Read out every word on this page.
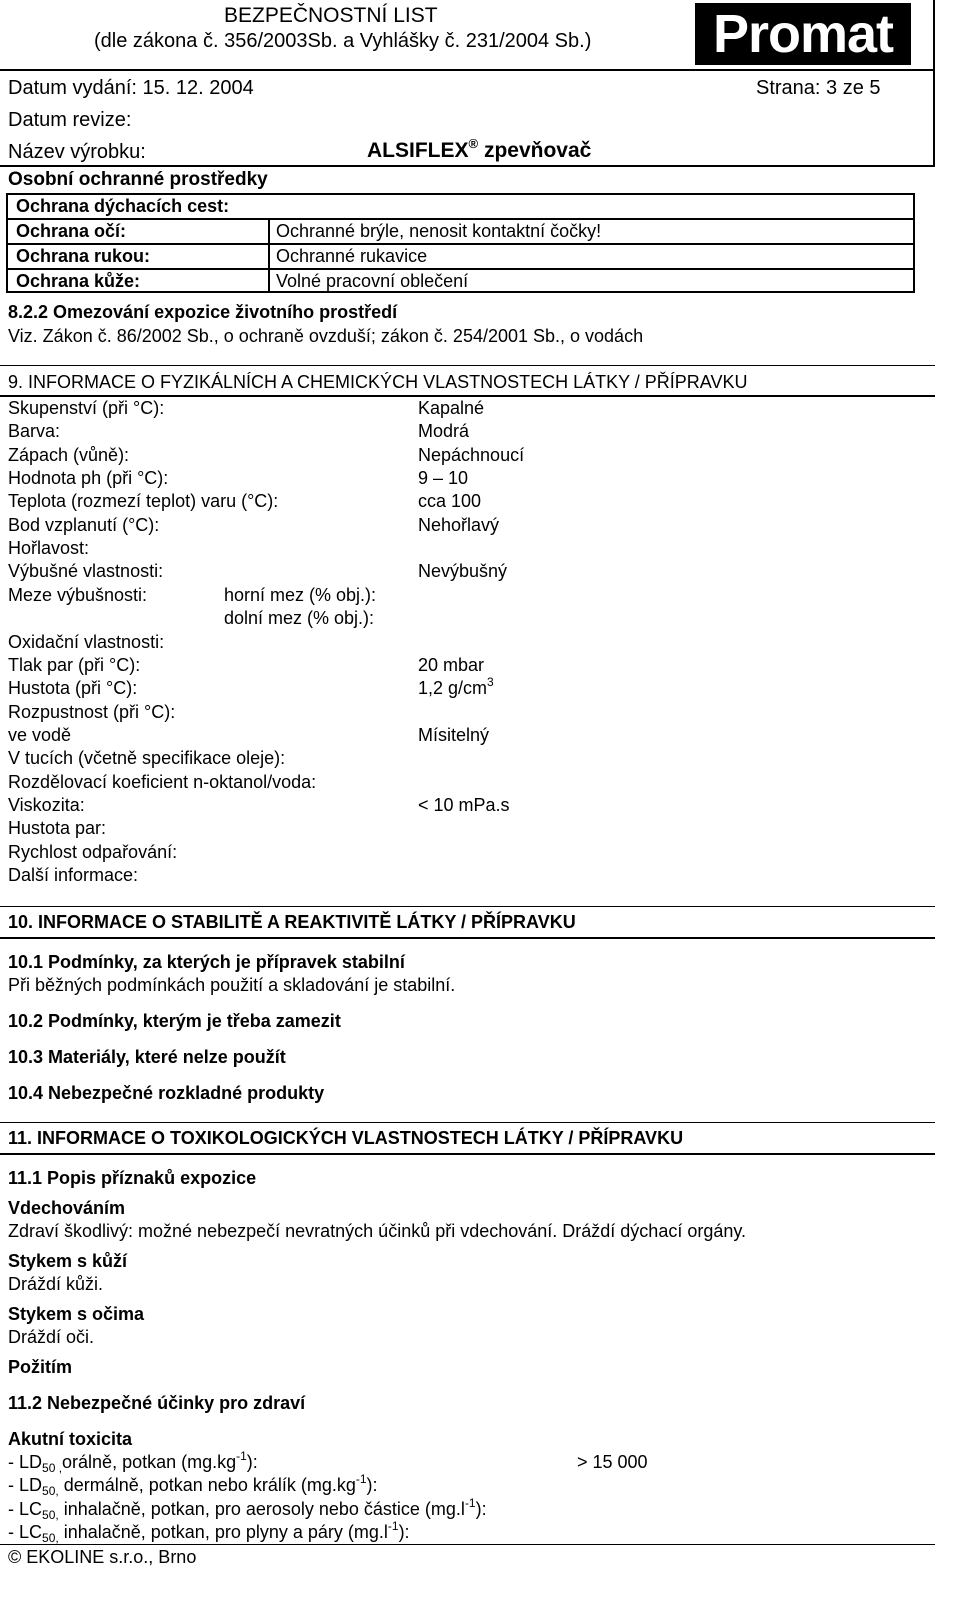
BEZPEČNOSTNÍ LIST
(dle zákona č. 356/2003Sb. a Vyhlášky č. 231/2004 Sb.)	Promat
Datum vydání: 15. 12. 2004	Strana: 3 ze 5
Datum revize:
Název výrobku:	ALSIFLEX® zpevňovač
Osobní ochranné prostředky
Ochrana dýchacích cest:
Ochrana očí:	Ochranné brýle, nenosit kontaktní čočky!
Ochrana rukou:	Ochranné rukavice
Ochrana kůže:	Volné pracovní oblečení
8.2.2 Omezování expozice životního prostředí
Viz. Zákon č. 86/2002 Sb., o ochraně ovzduší; zákon č. 254/2001 Sb., o vodách
9. INFORMACE O FYZIKÁLNÍCH A CHEMICKÝCH VLASTNOSTECH LÁTKY / PŘÍPRAVKU
Skupenství (při °C):	Kapalné
Barva:	Modrá
Zápach (vůně):	Nepáchnoucí
Hodnota ph (při °C):	9 – 10
Teplota (rozmezí teplot) varu (°C):	cca 100
Bod vzplanutí (°C):	Nehořlavý
Hořlavost:
Výbušné vlastnosti:	Nevýbušný
Meze výbušnosti:	horní mez (% obj.):
dolní mez (% obj.):
Oxidační vlastnosti:
Tlak par (při °C):	20 mbar
Hustota (při °C):	1,2 $g/cm^3$
Rozpustnost (při °C):
ve vodě	Mísitelný
V tucích (včetně specifikace oleje):
Rozdělovací koeficient n-oktanol/voda:
Viskozita:	< 10 mPa.s
Hustota par:
Rychlost odpařování:
Další informace:
10. INFORMACE O STABILITĚ A REAKTIVITĚ LÁTKY / PŘÍPRAVKU
10.1 Podmínky, za kterých je přípravek stabilní
Při běžných podmínkách použití a skladování je stabilní.
10.2 Podmínky, kterým je třeba zamezit
10.3 Materiály, které nelze použít
10.4 Nebezpečné rozkladné produkty
11. INFORMACE O TOXIKOLOGICKÝCH VLASTNOSTECH LÁTKY / PŘÍPRAVKU
11.1 Popis příznaků expozice
Vdechováním
Zdraví škodlivý: možné nebezpečí nevratných účinků při vdechování. Dráždí dýchací orgány.
Stykem s kůží
Dráždí kůži.
Stykem s očima
Dráždí oči.
Požitím
11.2 Nebezpečné účinky pro zdraví
Akutní toxicita
- $LD_{50 ,}orá\ln ě$, potkan $(mg.kg^{-1})$:	> 15 000
- $LD_{50,}$ dermálně, potkan nebo králík $(mg.kg^{-1})$:
- $LC_{50,}$ inhalačně, potkan, pro aerosoly nebo částice $(mg.l^{-1})$:
- $LC_{50,}$ inhalačně, potkan, pro plyny a páry $(mg.l^{-1})$:
© EKOLINE s.r.o., Brno
